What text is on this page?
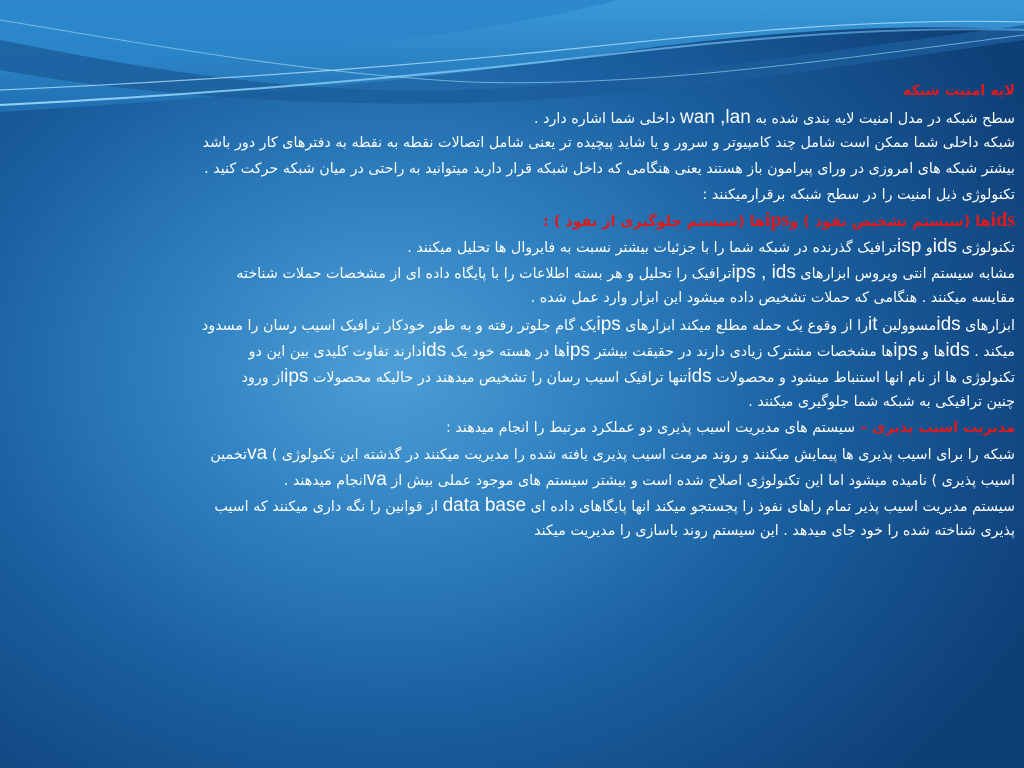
لایه امنیت شبکه
سطح شبکه در مدل امنیت لایه بندی شده به wan ,lan داخلی شما اشاره دارد .
شبکه داخلی شما ممکن است شامل چند کامپیوتر و سرور و یا شاید پیچیده تر یعنی شامل اتصالات نقطه به نقطه به دفترهای کار دور باشد
بیشتر شبکه های امروزی در ورای پیرامون باز هستند یعنی هنگامی که داخل شبکه قرار دارید میتوانید به راحتی در میان شبکه حرکت کنید .
تکنولوژی ذیل امنیت را در سطح شبکه برقرارمیکنند :
idsها (سیستم تشخیص نفوذ ) وipsها (سیستم جلوگیری از نفوذ ) :
تکنولوژی idsو ispترافیک گذرنده در شبکه شما را با جزئیات بیشتر نسبت به فایروال ها تحلیل میکنند .
مشابه سیستم انتی ویروس ابزارهای ips , idsترافیک را تحلیل و هر بسته اطلاعات را با پایگاه داده ای از مشخصات حملات شناخته
مقایسه میکنند . هنگامی که حملات تشخیص داده میشود این ابزار وارد عمل شده .
ابزارهای idsمسوولین itرا از وقوع یک حمله مطلع میکند ابزارهای ipsیک گام جلوتر رفته و به طور خودکار ترافیک اسیب رسان را مسدود
میکند . idsها و ipsها مشخصات مشترک زیادی دارند در حقیقت بیشتر ipsها در هسته خود یک idsدارند تفاوت کلیدی بین این دو
تکنولوژی ها از نام انها استنباط میشود و محصولات idsتنها ترافیک اسیب رسان را تشخیص میدهند در حالیکه محصولات ipsاز ورود
چنین ترافیکی به شبکه شما جلوگیری میکنند .
مدیریت اسیب پذیری – سیستم های مدیریت اسیب پذیری دو عملکرد مرتبط را انجام میدهند :
شبکه را برای اسیب پذیری ها پیمایش میکنند و روند مرمت اسیب پذیری یافته شده را مدیریت میکنند در گذشته این تکنولوژی ) vaتخمین
اسیب پذیری ) نامیده میشود اما این تکنولوژی اصلاح شده است و بیشتر سیستم های موجود عملی بیش از vaانجام میدهند .
سیستم مدیریت اسیب پذیر تمام راهای نفوذ را پجستجو میکند انها پایگاهای داده ای data base از قوانین را نگه داری میکنند که اسیب
پذیری شناخته شده را خود جای میدهد . این سیستم روند باسازی را مدیریت میکند
